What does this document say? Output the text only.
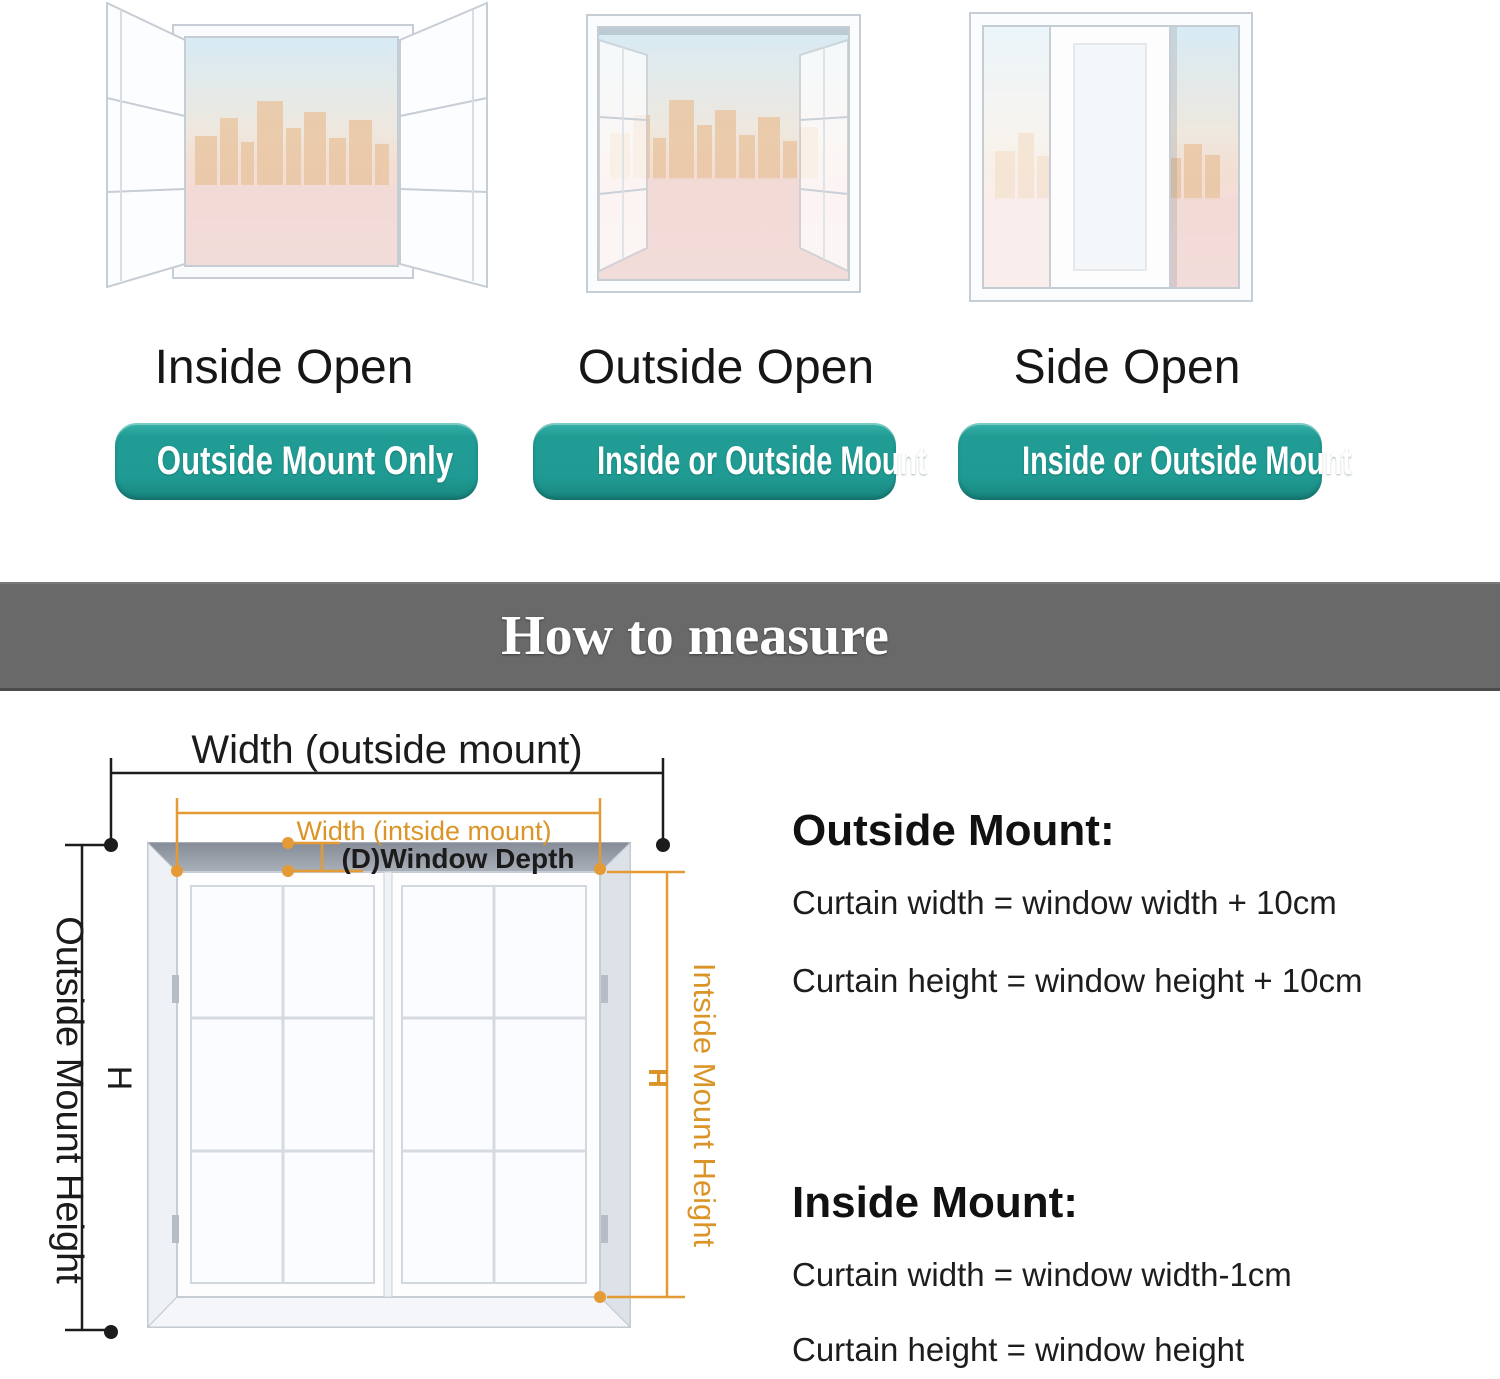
Inside Open	Outside Open	Side Open
Outside Mount Only	Inside or Outside Mount	Inside or Outside Mount
How to measure
Width (outside mount)
Outside Mount Height H
Width (intside mount)
(D)Window Depth
Intside Mount Height
H
Outside Mount:
Curtain width = window width + 10cm
Curtain height = window height + 10cm
Inside Mount:
Curtain width = window width-1cm
Curtain height = window height
